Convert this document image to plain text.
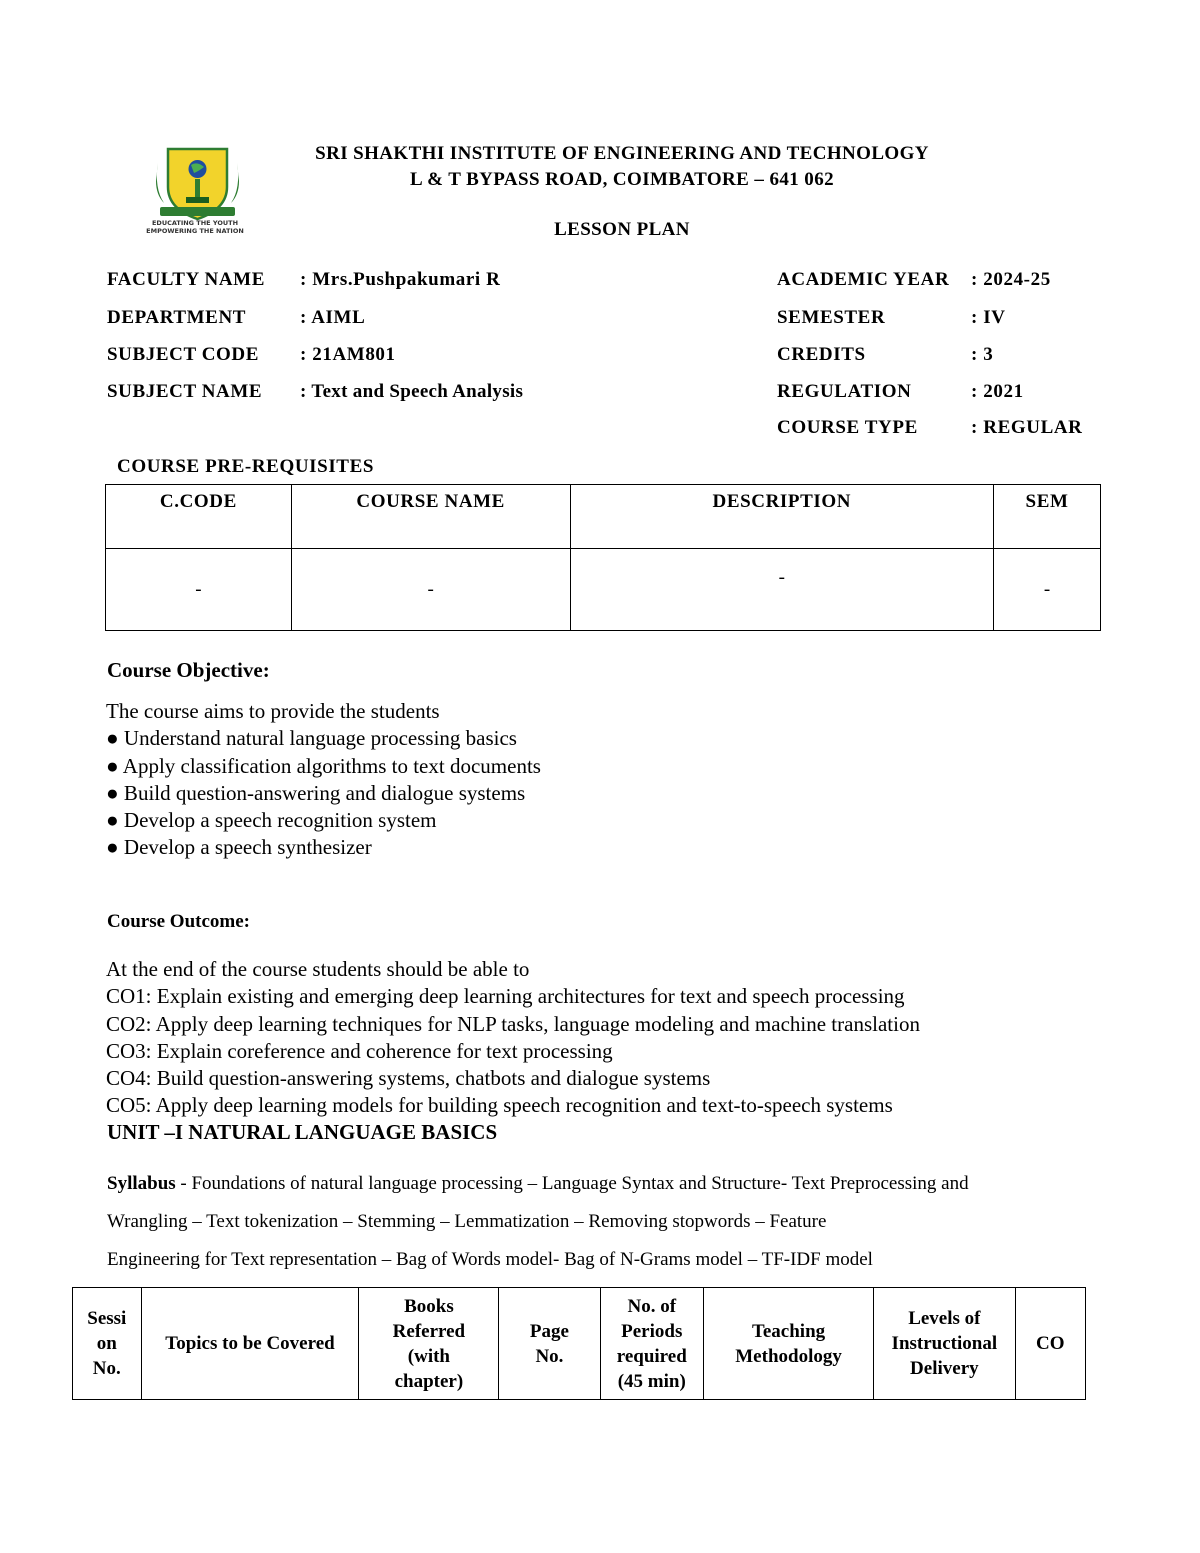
EDUCATING THE YOUTH
EMPOWERING THE NATION
SRI SHAKTHI INSTITUTE OF ENGINEERING AND TECHNOLOGY
L & T BYPASS ROAD, COIMBATORE – 641 062
LESSON PLAN
FACULTY NAME : Mrs.Pushpakumari R
DEPARTMENT	: AIML
SUBJECT CODE : 21AM801
SUBJECT NAME : Text and Speech Analysis
ACADEMIC YEAR : 2024-25
SEMESTER	: IV
CREDITS	: 3
REGULATION	: 2021
COURSE TYPE	: REGULAR
COURSE PRE-REQUISITES
C.CODE	COURSE NAME	DESCRIPTION	SEM
-	-	-	-
Course Objective:
The course aims to provide the students
● Understand natural language processing basics
● Apply classification algorithms to text documents
● Build question-answering and dialogue systems
● Develop a speech recognition system
● Develop a speech synthesizer
Course Outcome:
At the end of the course students should be able to
CO1: Explain existing and emerging deep learning architectures for text and speech processing
CO2: Apply deep learning techniques for NLP tasks, language modeling and machine translation
CO3: Explain coreference and coherence for text processing
CO4: Build question-answering systems, chatbots and dialogue systems
CO5: Apply deep learning models for building speech recognition and text-to-speech systems
UNIT –I NATURAL LANGUAGE BASICS
Syllabus - Foundations of natural language processing – Language Syntax and Structure- Text Preprocessing and
Wrangling – Text tokenization – Stemming – Lemmatization – Removing stopwords – Feature
Engineering for Text representation – Bag of Words model- Bag of N-Grams model – TF-IDF model
Sessi
on
No.

Topics to be Covered

Books
Referred
(with
chapter)

Page
No.

No. of
Periods
required
(45 min)

Teaching
Methodology

Levels of
Instructional
Delivery

CO
